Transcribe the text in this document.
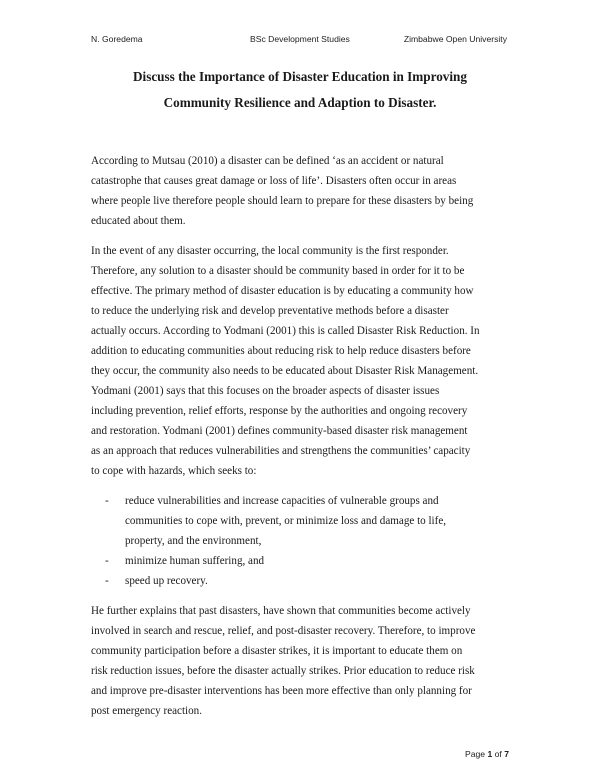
N. Goredema	BSc Development Studies	Zimbabwe Open University
Discuss the Importance of Disaster Education in Improving
Community Resilience and Adaption to Disaster.

According to Mutsau (2010) a disaster can be defined ‘as an accident or natural
catastrophe that causes great damage or loss of life’. Disasters often occur in areas
where people live therefore people should learn to prepare for these disasters by being
educated about them.

In the event of any disaster occurring, the local community is the first responder.
Therefore, any solution to a disaster should be community based in order for it to be
effective. The primary method of disaster education is by educating a community how
to reduce the underlying risk and develop preventative methods before a disaster
actually occurs. According to Yodmani (2001) this is called Disaster Risk Reduction. In
addition to educating communities about reducing risk to help reduce disasters before
they occur, the community also needs to be educated about Disaster Risk Management.
Yodmani (2001) says that this focuses on the broader aspects of disaster issues
including prevention, relief efforts, response by the authorities and ongoing recovery
and restoration. Yodmani (2001) defines community-based disaster risk management
as an approach that reduces vulnerabilities and strengthens the communities’ capacity
to cope with hazards, which seeks to:

- reduce vulnerabilities and increase capacities of vulnerable groups and
communities to cope with, prevent, or minimize loss and damage to life,
property, and the environment,
- minimize human suffering, and
- speed up recovery.

He further explains that past disasters, have shown that communities become actively
involved in search and rescue, relief, and post-disaster recovery. Therefore, to improve
community participation before a disaster strikes, it is important to educate them on
risk reduction issues, before the disaster actually strikes. Prior education to reduce risk
and improve pre-disaster interventions has been more effective than only planning for
post emergency reaction.

Page 1 of 7
